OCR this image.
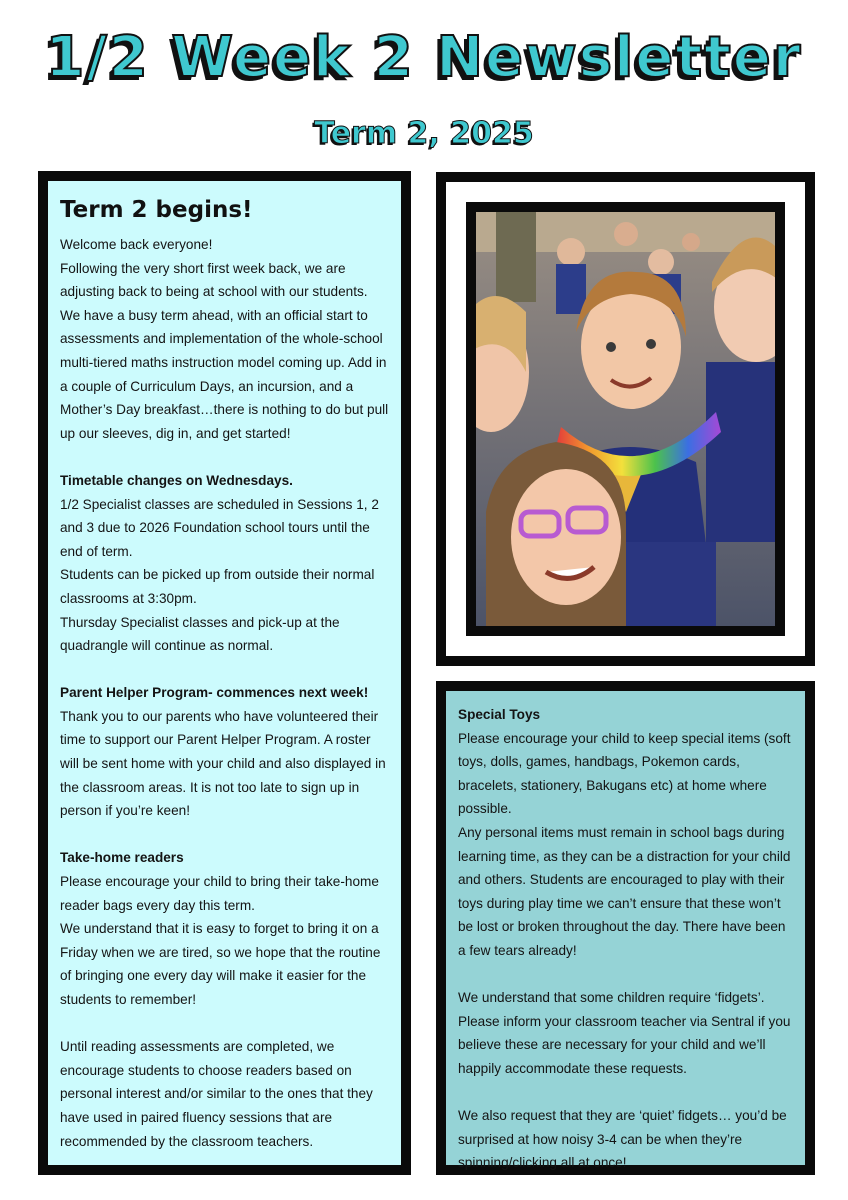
1/2 Week 2 Newsletter
Term 2, 2025
Term 2 begins!

Welcome back everyone!

Following the very short first week back, we are adjusting back to being at school with our students.

We have a busy term ahead, with an official start to assessments and implementation of the whole-school multi-tiered maths instruction model coming up. Add in a couple of Curriculum Days, an incursion, and a Mother’s Day breakfast…there is nothing to do but pull up our sleeves, dig in, and get started!

Timetable changes on Wednesdays.

1/2 Specialist classes are scheduled in Sessions 1, 2 and 3 due to 2026 Foundation school tours until the end of term.

Students can be picked up from outside their normal classrooms at 3:30pm.

Thursday Specialist classes and pick-up at the quadrangle will continue as normal.

Parent Helper Program- commences next week!

Thank you to our parents who have volunteered their time to support our Parent Helper Program. A roster will be sent home with your child and also displayed in the classroom areas. It is not too late to sign up in person if you’re keen!

Take-home readers

Please encourage your child to bring their take-home reader bags every day this term.

We understand that it is easy to forget to bring it on a Friday when we are tired, so we hope that the routine of bringing one every day will make it easier for the students to remember!

Until reading assessments are completed, we encourage students to choose readers based on personal interest and/or similar to the ones that they have used in paired fluency sessions that are recommended by the classroom teachers.

Special Toys

Please encourage your child to keep special items (soft toys, dolls, games, handbags, Pokemon cards, bracelets, stationery, Bakugans etc) at home where possible.

Any personal items must remain in school bags during learning time, as they can be a distraction for your child and others. Students are encouraged to play with their toys during play time we can’t ensure that these won’t be lost or broken throughout the day. There have been a few tears already!

We understand that some children require ‘fidgets’. Please inform your classroom teacher via Sentral if you believe these are necessary for your child and we’ll happily accommodate these requests.

We also request that they are ‘quiet’ fidgets… you’d be surprised at how noisy 3-4 can be when they’re spinning/clicking all at once!
